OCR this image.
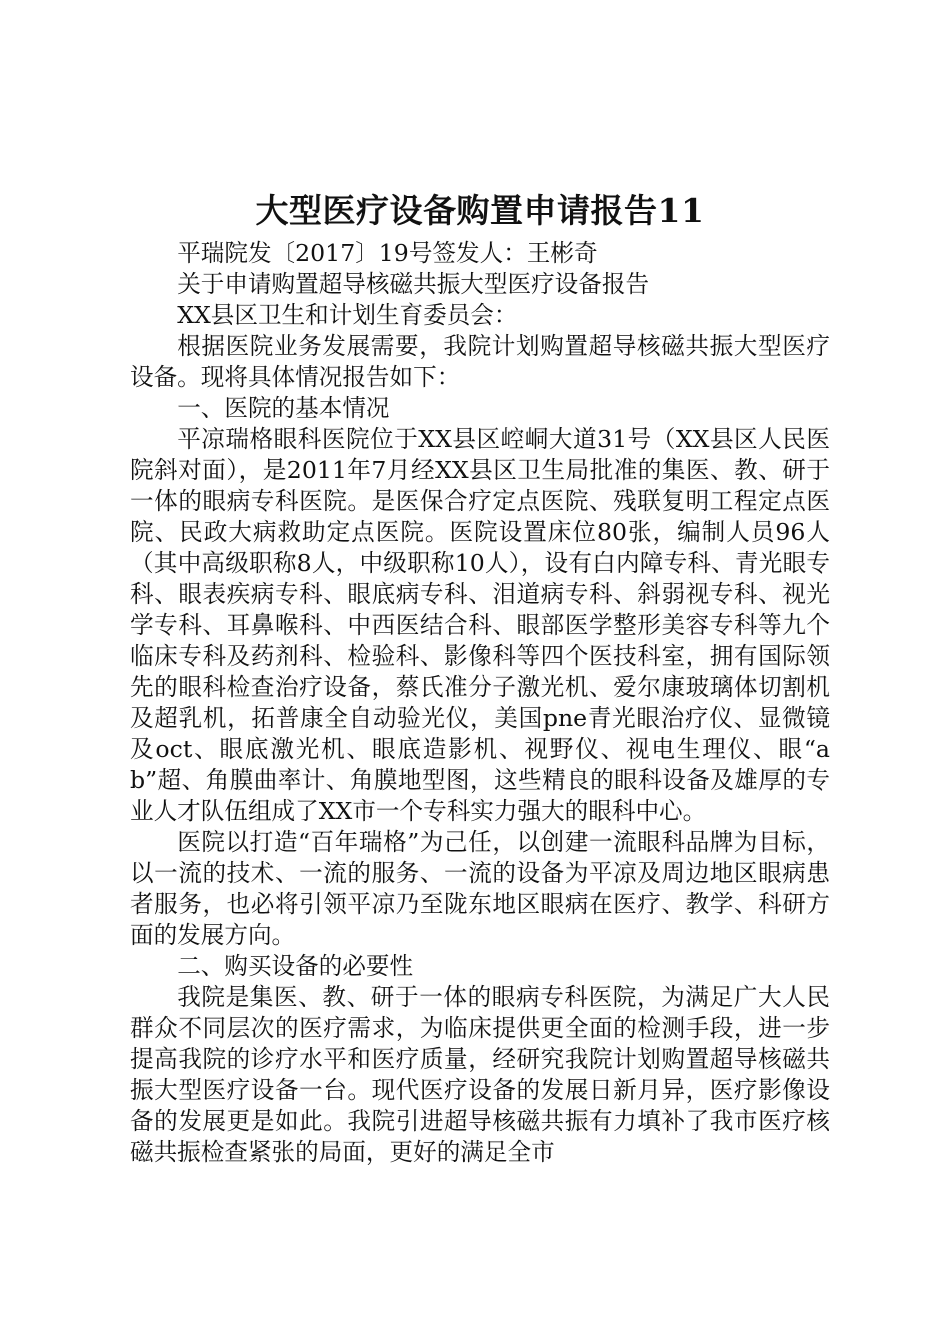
大型医疗设备购置申请报告11

平瑞院发〔2017〕19号签发人：王彬奇

关于申请购置超导核磁共振大型医疗设备报告

XX县区卫生和计划生育委员会：

根据医院业务发展需要，我院计划购置超导核磁共振大型医疗设备。现将具体情况报告如下：

一、医院的基本情况

平凉瑞格眼科医院位于XX县区崆峒大道31号（XX县区人民医院斜对面），是2011年7月经XX县区卫生局批准的集医、教、研于一体的眼病专科医院。是医保合疗定点医院、残联复明工程定点医院、民政大病救助定点医院。医院设置床位80张，编制人员96人（其中高级职称8人，中级职称10人），设有白内障专科、青光眼专科、眼表疾病专科、眼底病专科、泪道病专科、斜弱视专科、视光学专科、耳鼻喉科、中西医结合科、眼部医学整形美容专科等九个临床专科及药剂科、检验科、影像科等四个医技科室，拥有国际领先的眼科检查治疗设备，蔡氏准分子激光机、爱尔康玻璃体切割机及超乳机，拓普康全自动验光仪，美国pne青光眼治疗仪、显微镜及oct、眼底激光机、眼底造影机、视野仪、视电生理仪、眼“ab”超、角膜曲率计、角膜地型图，这些精良的眼科设备及雄厚的专业人才队伍组成了XX市一个专科实力强大的眼科中心。

医院以打造“百年瑞格”为己任，以创建一流眼科品牌为目标，以一流的技术、一流的服务、一流的设备为平凉及周边地区眼病患者服务，也必将引领平凉乃至陇东地区眼病在医疗、教学、科研方面的发展方向。

二、购买设备的必要性

我院是集医、教、研于一体的眼病专科医院，为满足广大人民群众不同层次的医疗需求，为临床提供更全面的检测手段，进一步提高我院的诊疗水平和医疗质量，经研究我院计划购置超导核磁共振大型医疗设备一台。现代医疗设备的发展日新月异，医疗影像设备的发展更是如此。我院引进超导核磁共振有力填补了我市医疗核磁共振检查紧张的局面，更好的满足全市
